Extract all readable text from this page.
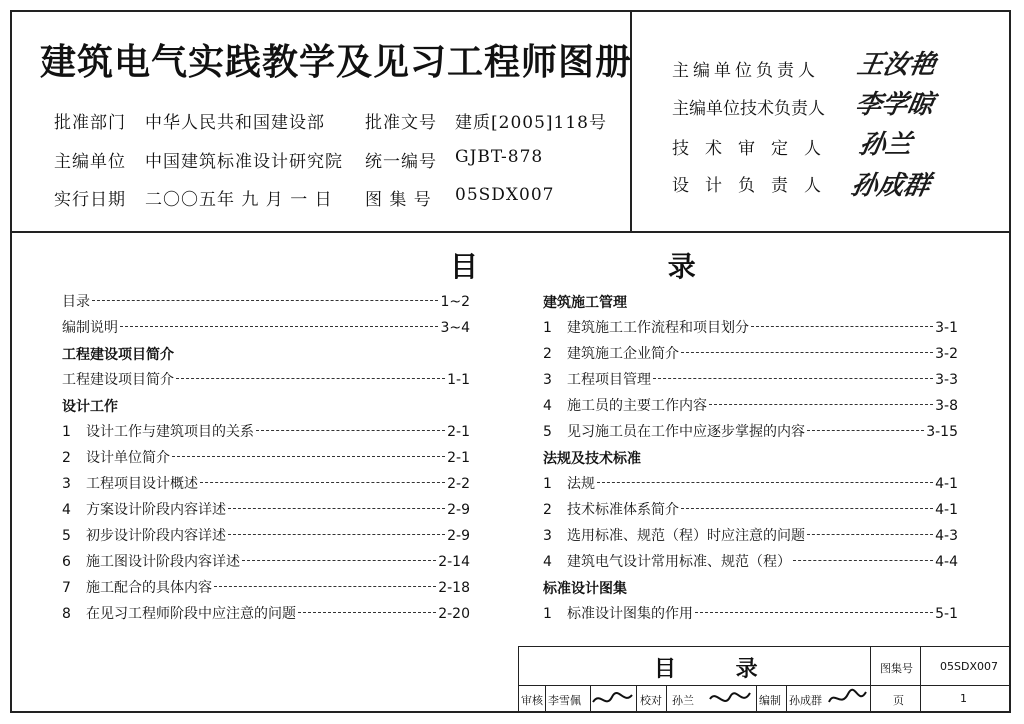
建筑电气实践教学及见习工程师图册
批准部门 中华人民共和国建设部 批准文号 建质[2005]118号
主编单位 中国建筑标准设计研究院 统一编号 GJBT-878
实行日期 二〇〇五年 九 月 一 日 图 集 号 05SDX007
主编单位负责人 王汝艳
主编单位技术负责人 李学晾
技术审定人 孙兰
设计负责人 孙成群
目 录
目录	1~2
编制说明	3~4
工程建设项目简介
工程建设项目简介	1-1
设计工作
1	设计工作与建筑项目的关系	2-1
2	设计单位简介	2-1
3	工程项目设计概述	2-2
4	方案设计阶段内容详述	2-9
5	初步设计阶段内容详述	2-9
6	施工图设计阶段内容详述	2-14
7	施工配合的具体内容	2-18
8	在见习工程师阶段中应注意的问题	2-20
建筑施工管理
1	建筑施工工作流程和项目划分	3-1
2	建筑施工企业简介	3-2
3	工程项目管理	3-3
4	施工员的主要工作内容	3-8
5	见习施工员在工作中应逐步掌握的内容	3-15
法规及技术标准
1	法规	4-1
2	技术标准体系简介	4-1
3	选用标准、规范（程）时应注意的问题	4-3
4	建筑电气设计常用标准、规范（程）	4-4
标准设计图集
1	标准设计图集的作用	5-1
目 录	图集号 05SDX007
审核 李雪佩	校对 孙兰	编制 孙成群	页	1
